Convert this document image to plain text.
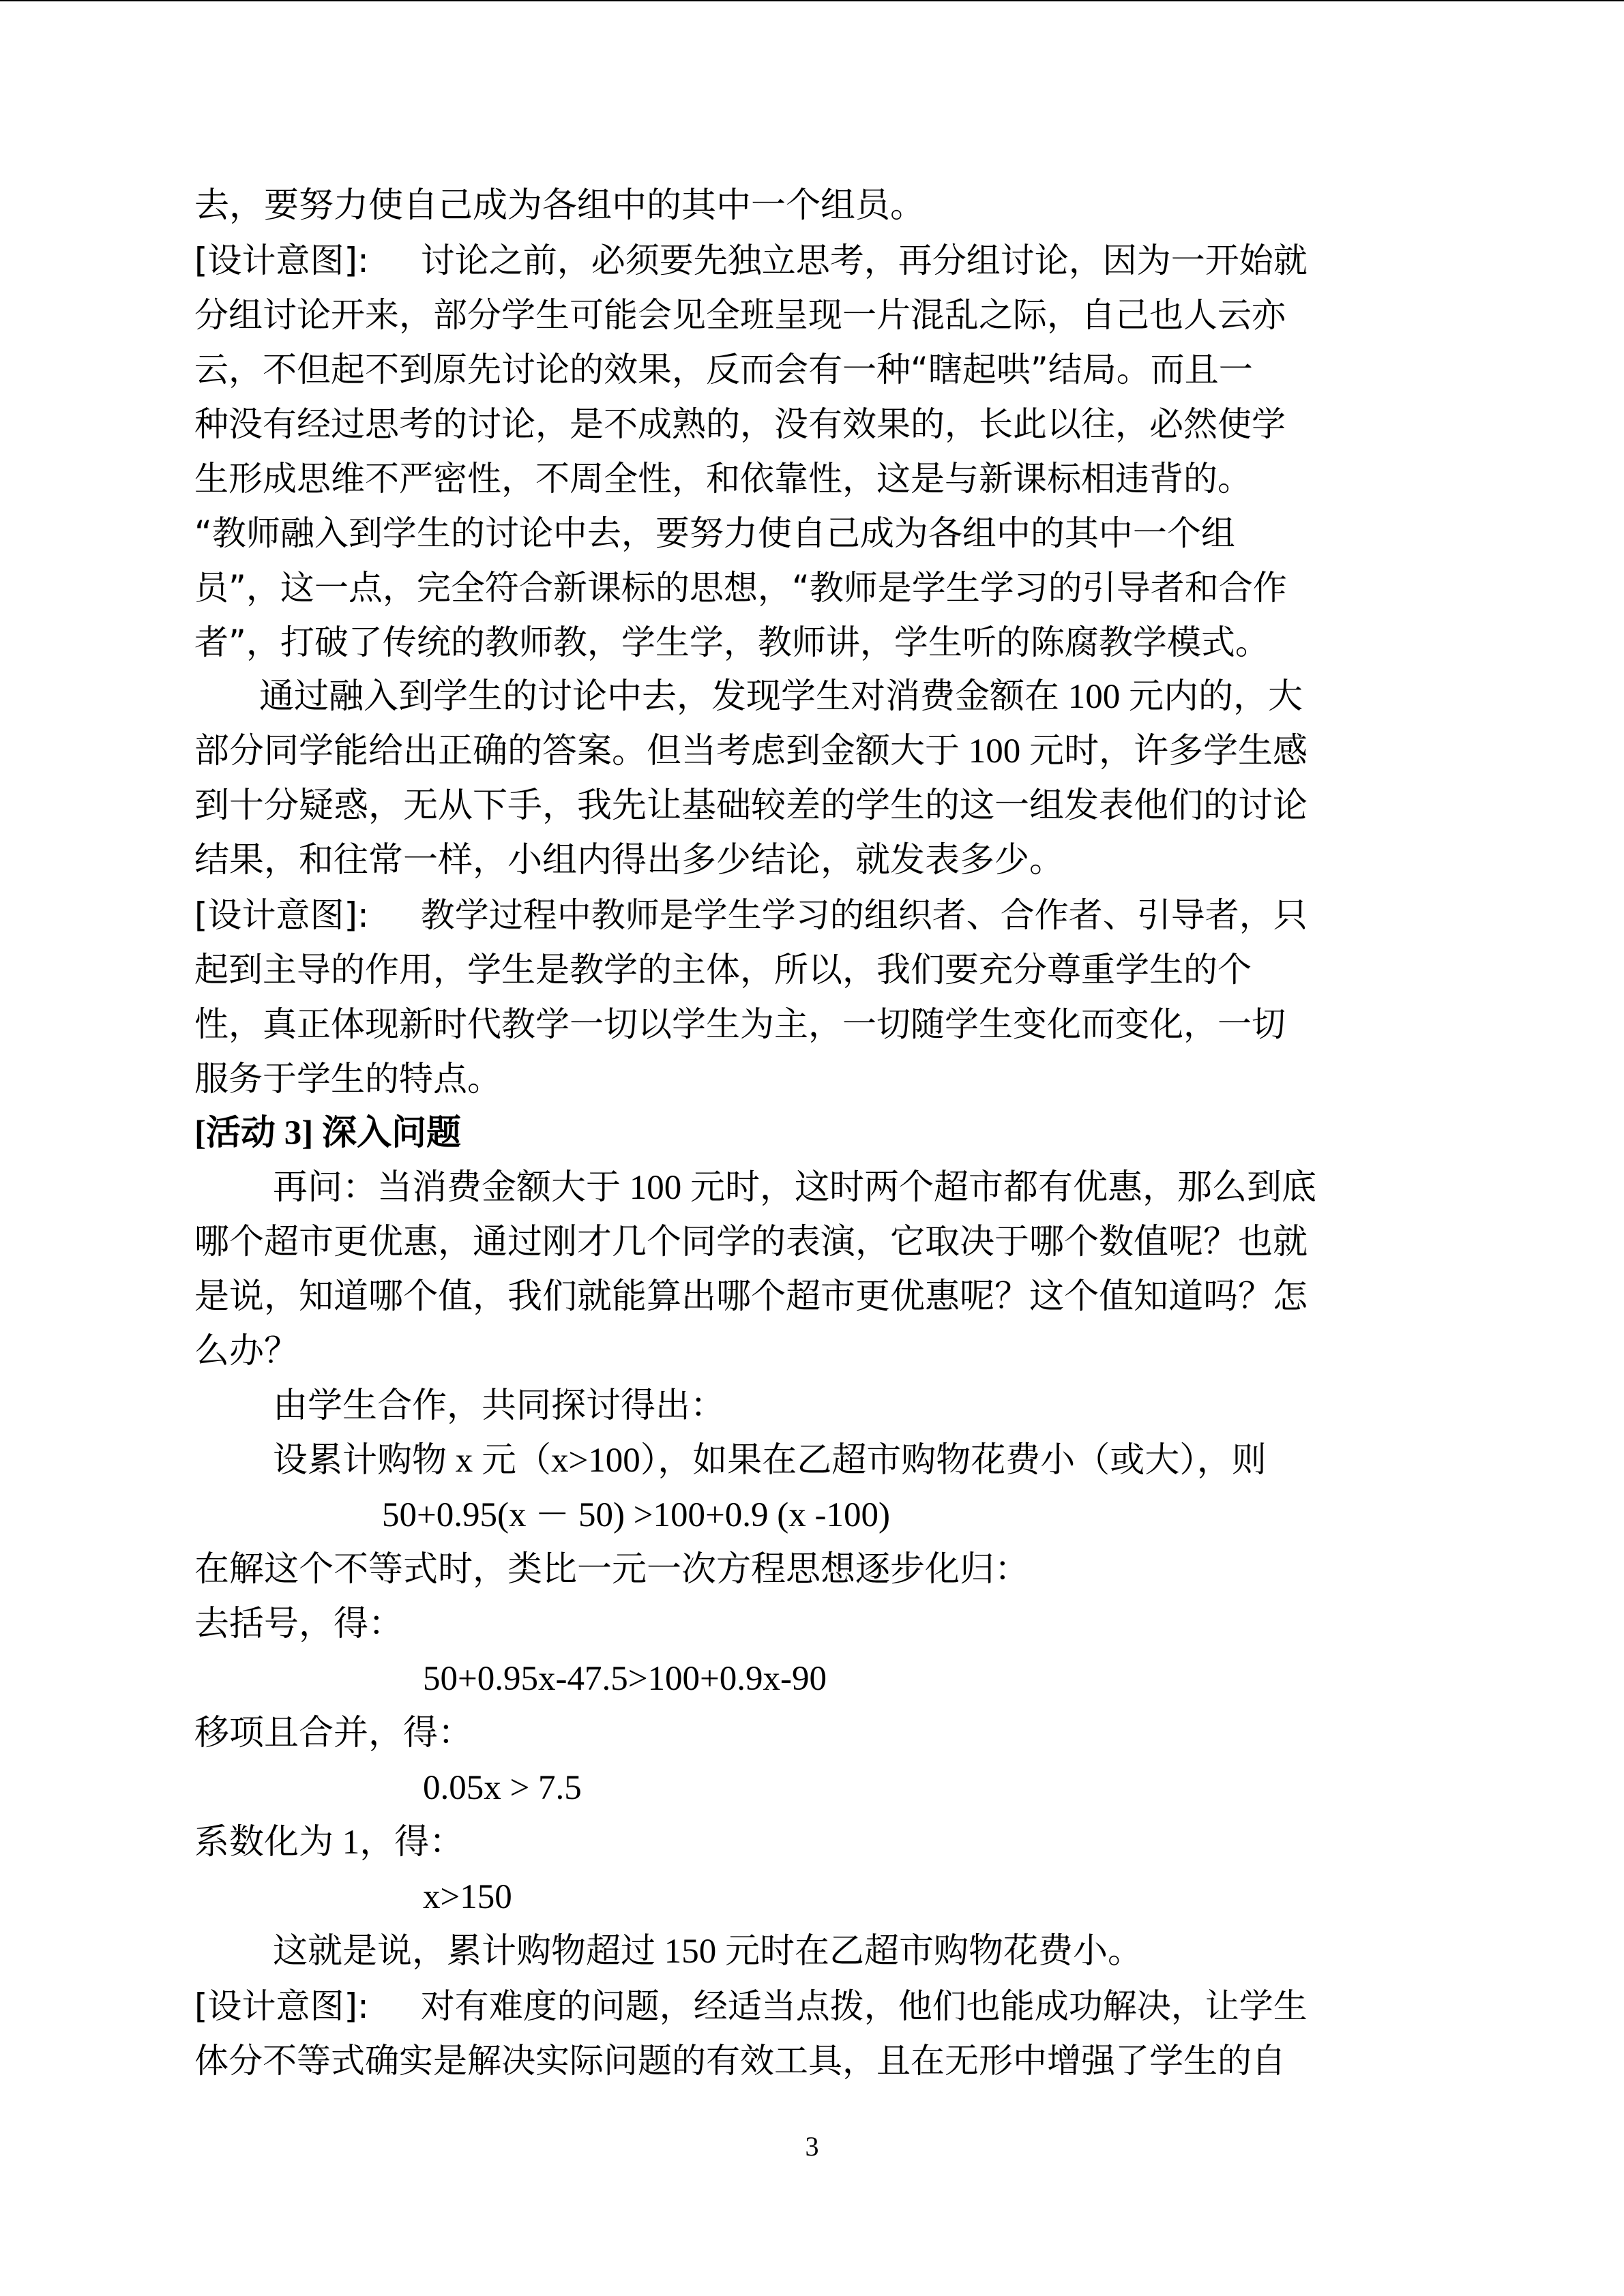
去，要努力使自己成为各组中的其中一个组员。
[设计意图]: 讨论之前，必须要先独立思考，再分组讨论，因为一开始就
分组讨论开来，部分学生可能会见全班呈现一片混乱之际，自己也人云亦
云，不但起不到原先讨论的效果，反而会有一种“瞎起哄”结局。而且一
种没有经过思考的讨论，是不成熟的，没有效果的，长此以往，必然使学
生形成思维不严密性，不周全性，和依靠性，这是与新课标相违背的。
“教师融入到学生的讨论中去，要努力使自己成为各组中的其中一个组
员”，这一点，完全符合新课标的思想，“教师是学生学习的引导者和合作
者”，打破了传统的教师教，学生学，教师讲，学生听的陈腐教学模式。
通过融入到学生的讨论中去，发现学生对消费金额在 100 元内的，大
部分同学能给出正确的答案。但当考虑到金额大于 100 元时，许多学生感
到十分疑惑，无从下手，我先让基础较差的学生的这一组发表他们的讨论
结果，和往常一样，小组内得出多少结论，就发表多少。
[设计意图]: 教学过程中教师是学生学习的组织者、合作者、引导者，只
起到主导的作用，学生是教学的主体，所以，我们要充分尊重学生的个
性，真正体现新时代教学一切以学生为主，一切随学生变化而变化，一切
服务于学生的特点。
[活动 3] 深入问题
再问：当消费金额大于 100 元时，这时两个超市都有优惠，那么到底
哪个超市更优惠，通过刚才几个同学的表演，它取决于哪个数值呢？也就
是说，知道哪个值，我们就能算出哪个超市更优惠呢？这个值知道吗？怎
么办？
由学生合作，共同探讨得出：
设累计购物 x 元（x>100），如果在乙超市购物花费小（或大），则
50+0.95(x － 50) >100+0.9 (x -100)
在解这个不等式时，类比一元一次方程思想逐步化归：
去括号，得：
50+0.95x-47.5>100+0.9x-90
移项且合并，得：
0.05x > 7.5
系数化为 1，得：
x>150
这就是说，累计购物超过 150 元时在乙超市购物花费小。
[设计意图]: 对有难度的问题，经适当点拨，他们也能成功解决，让学生
体分不等式确实是解决实际问题的有效工具，且在无形中增强了学生的自
3
